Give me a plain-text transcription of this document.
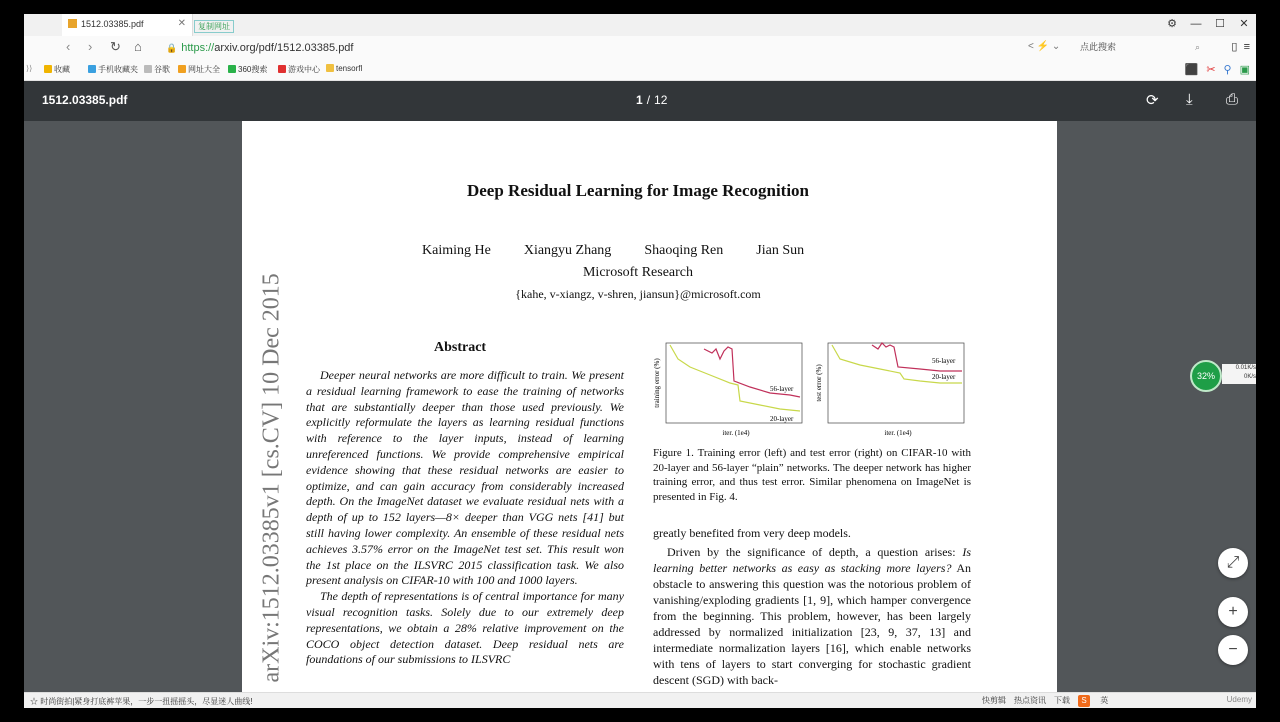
1512.03385.pdf	✕	复制网址	⚙ — ☐ ✕
‹ › ↻ ⌂	🔒 https://arxiv.org/pdf/1512.03385.pdf	< ⚡ ⌄ 点此搜索	⌕	▯ ≡
⟩⟩	收藏	手机收藏夹	谷歌	网址大全	360搜索	游戏中心	tensorfl	⬛ ✂ ⚲ ▣
1512.03385.pdf	1 / 12	⟳ ⤓ ⎙
Deep Residual Learning for Image Recognition
Kaiming He Xiangyu Zhang Shaoqing Ren Jian Sun
Microsoft Research
{kahe, v-xiangz, v-shren, jiansun}@microsoft.com
arXiv:1512.03385v1 [cs.CV] 10 Dec 2015	Abstract

Deeper neural networks are more difficult to train. We present a residual learning framework to ease the training of networks that are substantially deeper than those used previously. We explicitly reformulate the layers as learning residual functions with reference to the layer inputs, instead of learning unreferenced functions. We provide comprehensive empirical evidence showing that these residual networks are easier to optimize, and can gain accuracy from considerably increased depth. On the ImageNet dataset we evaluate residual nets with a depth of up to 152 layers—8× deeper than VGG nets [41] but still having lower complexity. An ensemble of these residual nets achieves 3.57% error on the ImageNet test set. This result won the 1st place on the ILSVRC 2015 classification task. We also present analysis on CIFAR-10 with 100 and 1000 layers.

The depth of representations is of central importance for many visual recognition tasks. Solely due to our extremely deep representations, we obtain a 28% relative improvement on the COCO object detection dataset. Deep residual nets are foundations of our submissions to ILSVRC

training error (%)
iter. (1e4)
56-layer
20-layer
test error (%)
iter. (1e4)
56-layer
20-layer
Figure 1. Training error (left) and test error (right) on CIFAR-10 with 20-layer and 56-layer “plain” networks. The deeper network has higher training error, and thus test error. Similar phenomena on ImageNet is presented in Fig. 4.

greatly benefited from very deep models.

Driven by the significance of depth, a question arises: Is learning better networks as easy as stacking more layers? An obstacle to answering this question was the notorious problem of vanishing/exploding gradients [1, 9], which hamper convergence from the beginning. This problem, however, has been largely addressed by normalized initialization [23, 9, 37, 13] and intermediate normalization layers [16], which enable networks with tens of layers to start converging for stochastic gradient descent (SGD) with back-

32%
0.01K/s
0K/s
⤢
+
−
☆ 时尚街拍|紧身打底裤苹果，一步一扭摇摇头，尽显迷人曲线!	快剪辑 热点资讯 下载 S 英	Udemy
